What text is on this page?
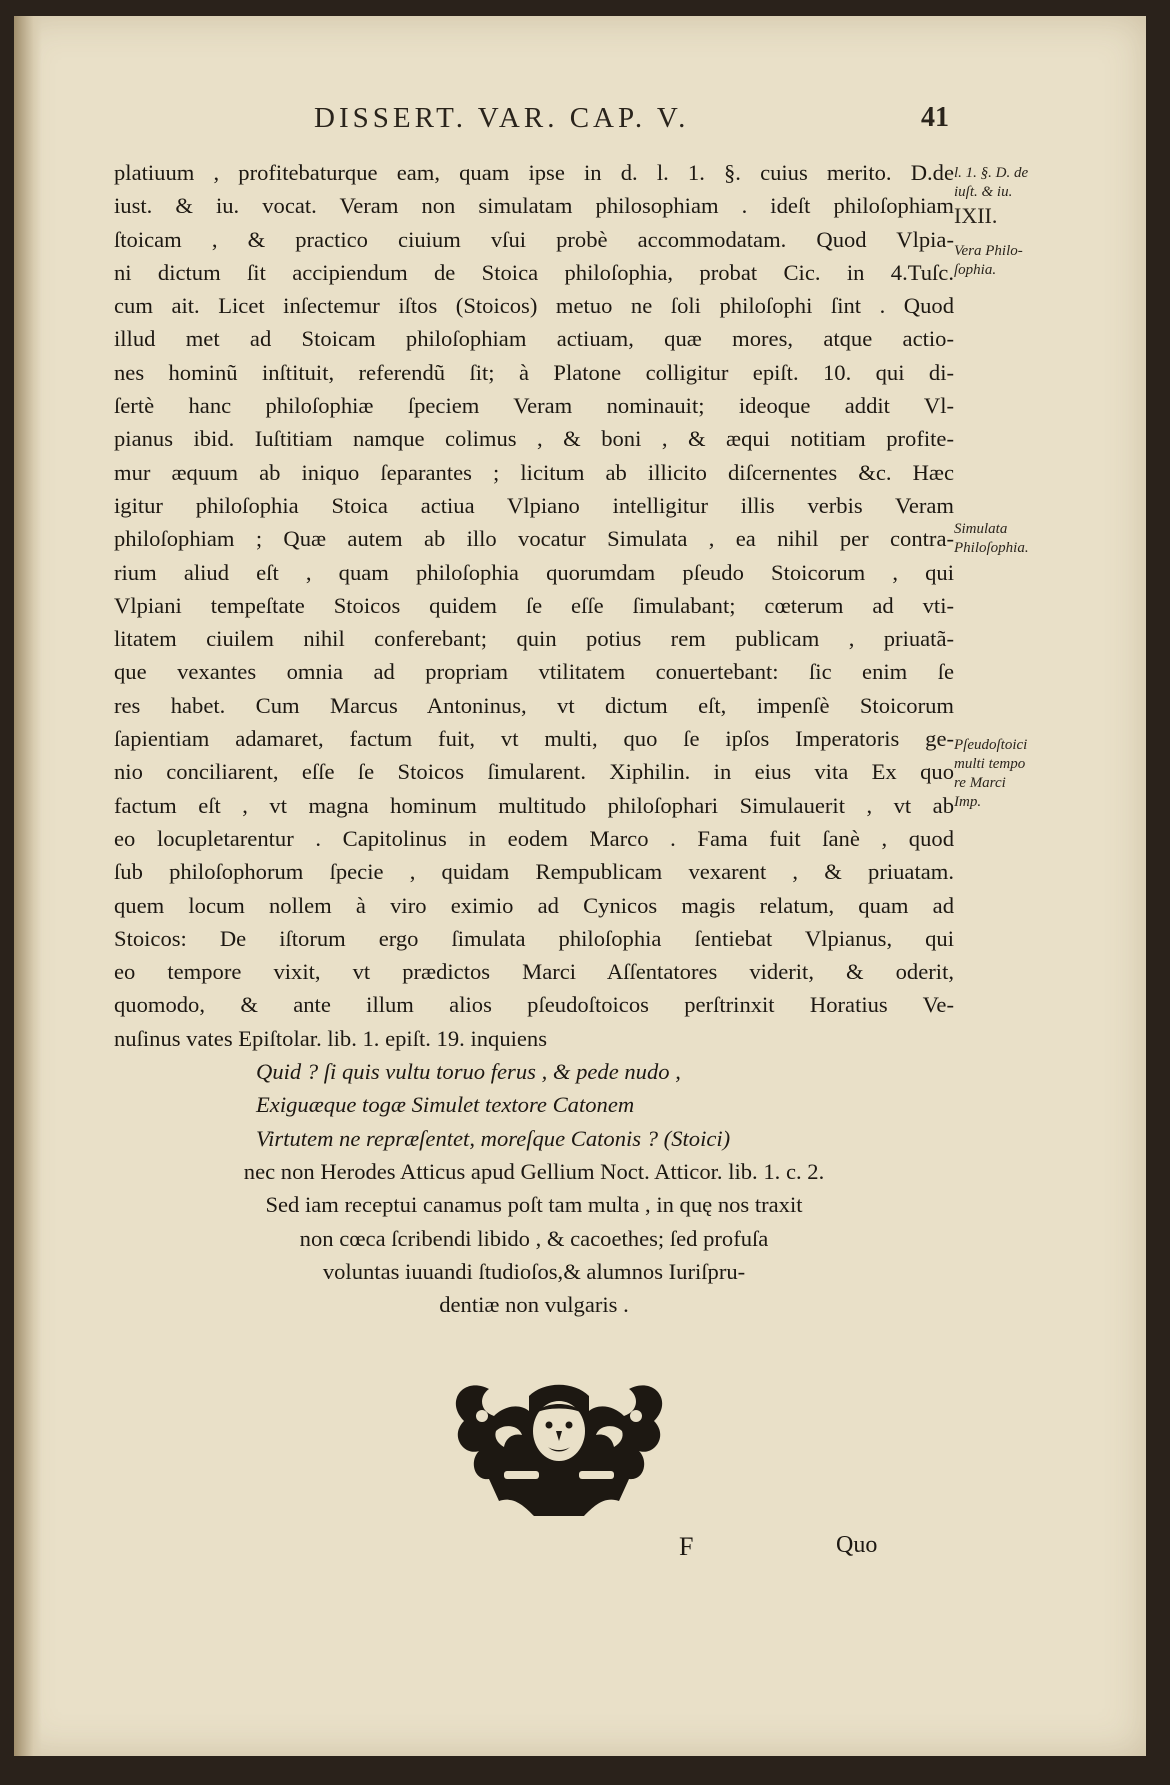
DISSERT. VAR. CAP. V.	41
platiuum , profitebaturque eam, quam ipse in d. l. 1. §. cuius merito. D.de
iust. & iu. vocat. Veram non simulatam philosophiam . ideſt philoſophiam
ſtoicam , & practico ciuium vſui probè accommodatam. Quod Vlpia-
ni dictum ſit accipiendum de Stoica philoſophia, probat Cic. in 4.Tuſc.
cum ait. Licet inſectemur iſtos (Stoicos) metuo ne ſoli philoſophi ſint . Quod
illud met ad Stoicam philoſophiam actiuam, quæ mores, atque actio-
nes hominũ inſtituit, referendũ ſit; à Platone colligitur epiſt. 10. qui di-
ſertè hanc philoſophiæ ſpeciem Veram nominauit; ideoque addit Vl-
pianus ibid. Iuſtitiam namque colimus , & boni , & æqui notitiam profite-
mur æquum ab iniquo ſeparantes ; licitum ab illicito diſcernentes &c. Hæc
igitur philoſophia Stoica actiua Vlpiano intelligitur illis verbis Veram
philoſophiam ; Quæ autem ab illo vocatur Simulata , ea nihil per contra-
rium aliud eſt , quam philoſophia quorumdam pſeudo Stoicorum , qui
Vlpiani tempeſtate Stoicos quidem ſe eſſe ſimulabant; cœterum ad vti-
litatem ciuilem nihil conferebant; quin potius rem publicam , priuatã-
que vexantes omnia ad propriam vtilitatem conuertebant: ſic enim ſe
res habet. Cum Marcus Antoninus, vt dictum eſt, impenſè Stoicorum
ſapientiam adamaret, factum fuit, vt multi, quo ſe ipſos Imperatoris ge-
nio conciliarent, eſſe ſe Stoicos ſimularent. Xiphilin. in eius vita Ex quo
factum eſt , vt magna hominum multitudo philoſophari Simulauerit , vt ab
eo locupletarentur . Capitolinus in eodem Marco . Fama fuit ſanè , quod
ſub philoſophorum ſpecie , quidam Rempublicam vexarent , & priuatam.
quem locum nollem à viro eximio ad Cynicos magis relatum, quam ad
Stoicos: De iſtorum ergo ſimulata philoſophia ſentiebat Vlpianus, qui
eo tempore vixit, vt prædictos Marci Aſſentatores viderit, & oderit,
quomodo, & ante illum alios pſeudoſtoicos perſtrinxit Horatius Ve-
nuſinus vates Epiſtolar. lib. 1. epiſt. 19. inquiens
Quid ? ſi quis vultu toruo ferus , & pede nudo ,
Exiguæque togæ Simulet textore Catonem
Virtutem ne repræſentet, moreſque Catonis ? (Stoici)
nec non Herodes Atticus apud Gellium Noct. Atticor. lib. 1. c. 2.
Sed iam receptui canamus poſt tam multa , in quę nos traxit
non cœca ſcribendi libido , & cacoethes; ſed profuſa
voluntas iuuandi ſtudioſos,& alumnos Iuriſpru-
dentiæ non vulgaris .
l. 1. §. D. de
iuſt. & iu.
IXII.
Vera Philo-
ſophia.
Simulata
Philoſophia.
Pſeudoſtoici
multi tempo
re Marci
Imp.
F	Quo
